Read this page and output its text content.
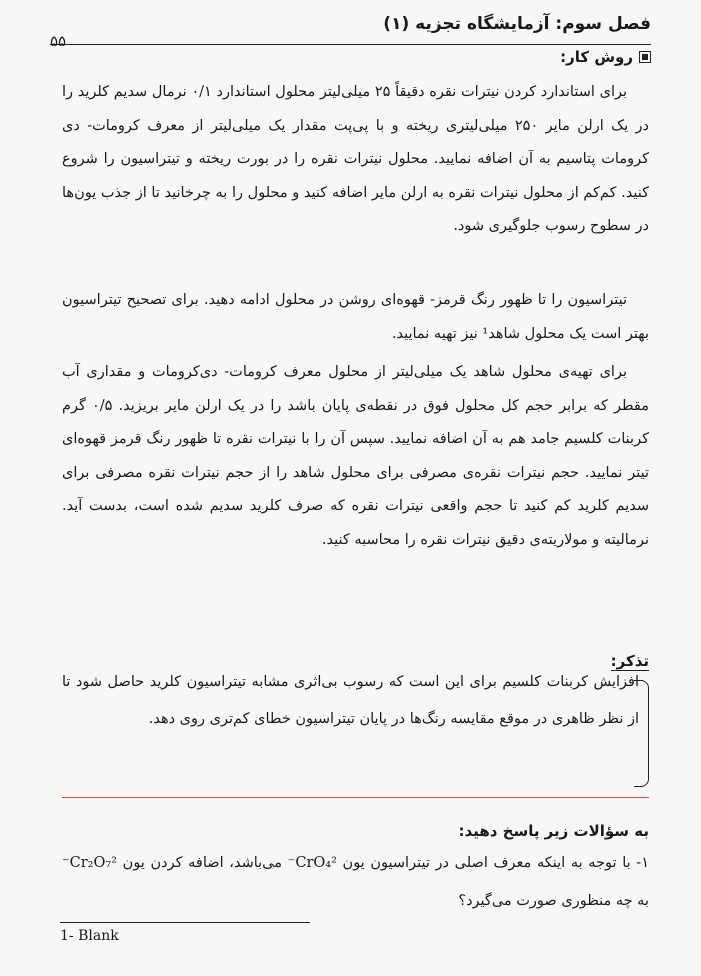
فصل سوم: آزمایشگاه تجزیه (۱)
۵۵
روش کار:

برای استاندارد کردن نیترات نقره دقیقاً ۲۵ میلی‌لیتر محلول استاندارد ۰/۱ نرمال سدیم کلرید را در یک ارلن مایر ۲۵۰ میلی‌لیتری ریخته و با پی‌پت مقدار یک میلی‌لیتر از معرف کرومات- دی کرومات پتاسیم به آن اضافه نمایید. محلول نیترات نقره را در بورت ریخته و تیتراسیون را شروع کنید. کم‌کم از محلول نیترات نقره به ارلن مایر اضافه کنید و محلول را به چرخانید تا از جذب یون‌ها در سطوح رسوب جلوگیری شود.

تیتراسیون را تا ظهور رنگ قرمز- قهوه‌ای روشن در محلول ادامه دهید. برای تصحیح تیتراسیون بهتر است یک محلول شاهد¹ نیز تهیه نمایید.

برای تهیه‌ی محلول شاهد یک میلی‌لیتر از محلول معرف کرومات- دی‌کرومات و مقداری آب مقطر که برابر حجم کل محلول فوق در نقطه‌ی پایان باشد را در یک ارلن مایر بریزید. ۰/۵ گرم کربنات کلسیم جامد هم به آن اضافه نمایید. سپس آن را با نیترات نقره تا ظهور رنگ قرمز قهوه‌ای تیتر نمایید. حجم نیترات نقره‌ی مصرفی برای محلول شاهد را از حجم نیترات نقره مصرفی برای سدیم کلرید کم کنید تا حجم واقعی نیترات نقره که صرف کلرید سدیم شده است، بدست آید. نرمالیته و مولاریته‌ی دقیق نیترات نقره را محاسبه کنید.

تذکر:

افزایش کربنات کلسیم برای این است که رسوب بی‌اثری مشابه تیتراسیون کلرید حاصل شود تا از نظر ظاهری در موقع مقایسه رنگ‌ها در پایان تیتراسیون خطای کم‌تری روی دهد.

به سؤالات زیر پاسخ دهید:

۱- با توجه به اینکه معرف اصلی در تیتراسیون یون CrO₄²⁻ می‌باشد، اضافه کردن یون Cr₂O₇²⁻ به چه منظوری صورت می‌گیرد؟

1- Blank
